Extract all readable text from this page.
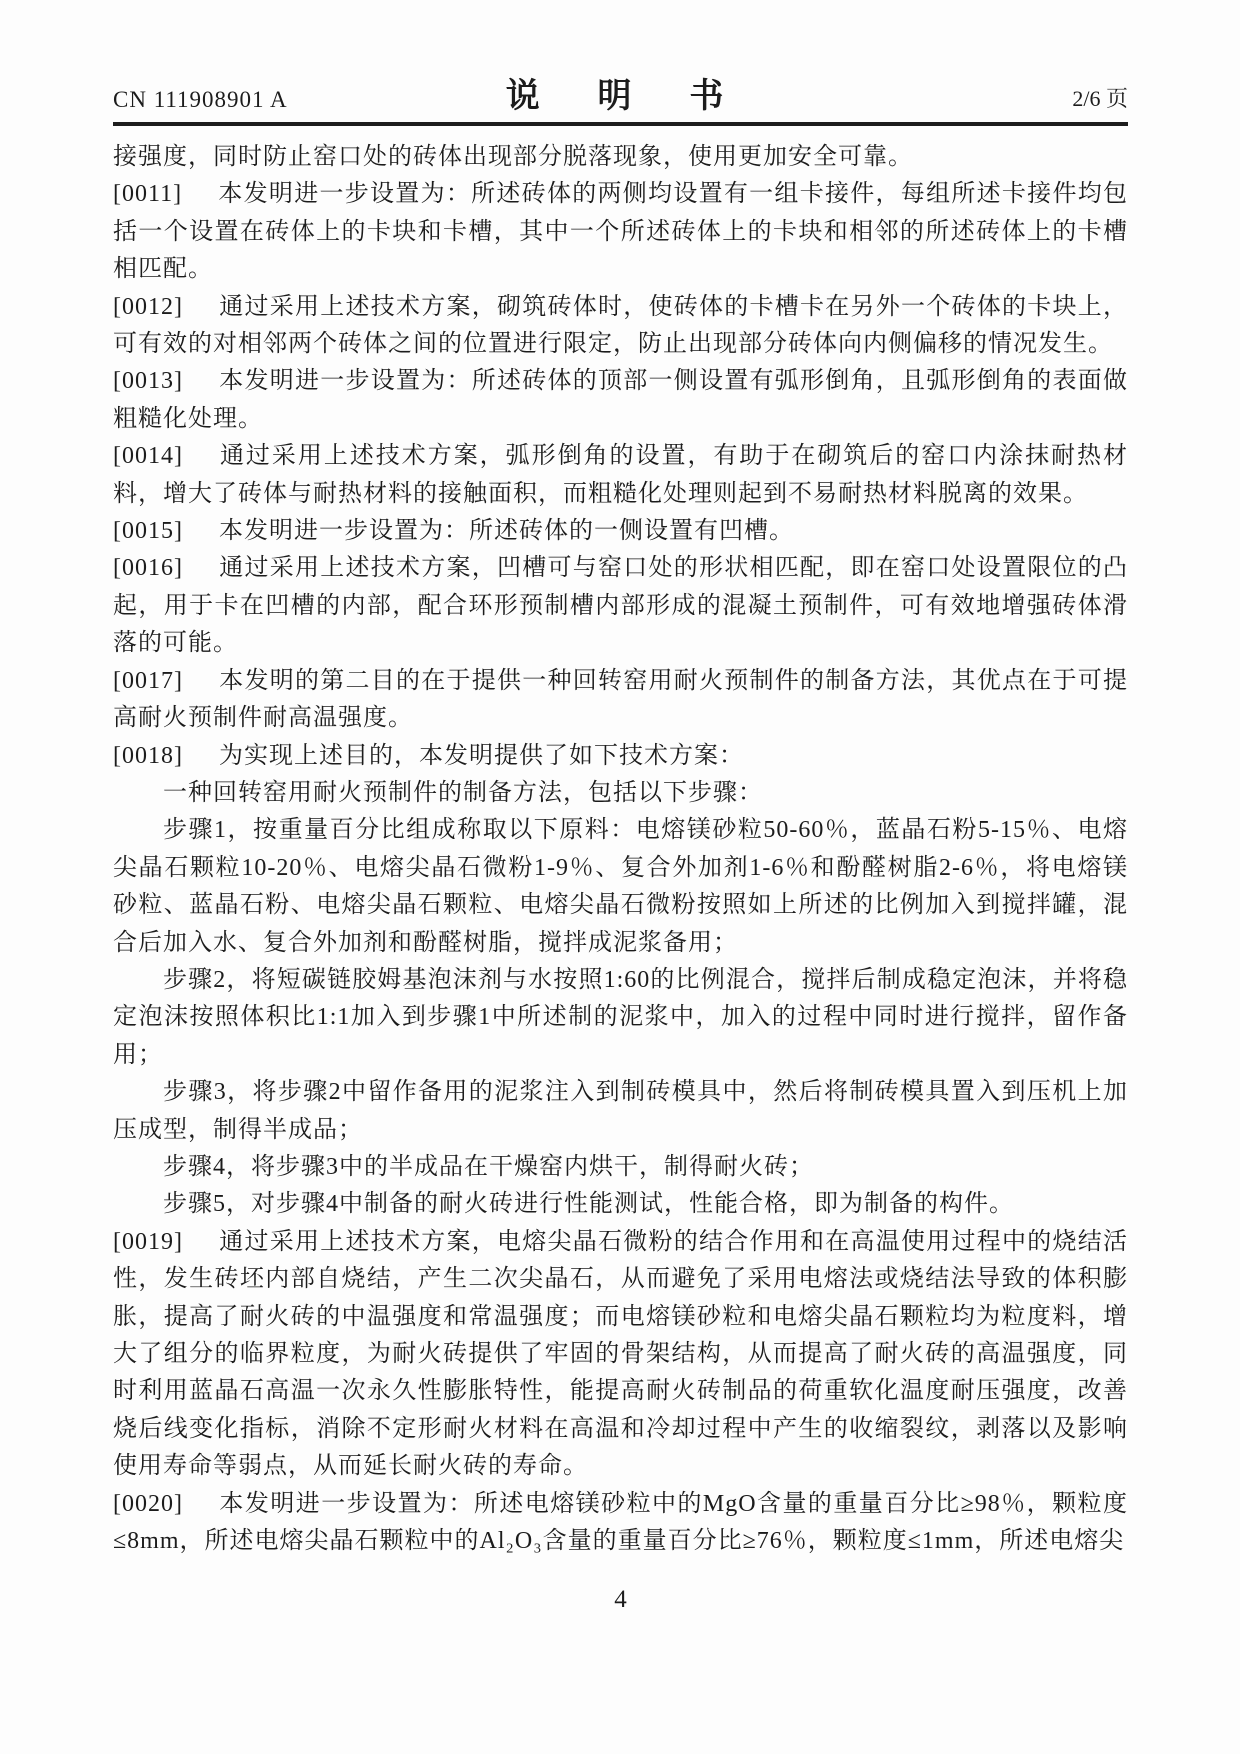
CN 111908901 A	说　明　书	2/6 页

接强度，同时防止窑口处的砖体出现部分脱落现象，使用更加安全可靠。

[0011] 本发明进一步设置为：所述砖体的两侧均设置有一组卡接件，每组所述卡接件均包括一个设置在砖体上的卡块和卡槽，其中一个所述砖体上的卡块和相邻的所述砖体上的卡槽相匹配。

[0012] 通过采用上述技术方案，砌筑砖体时，使砖体的卡槽卡在另外一个砖体的卡块上，可有效的对相邻两个砖体之间的位置进行限定，防止出现部分砖体向内侧偏移的情况发生。

[0013] 本发明进一步设置为：所述砖体的顶部一侧设置有弧形倒角，且弧形倒角的表面做粗糙化处理。

[0014] 通过采用上述技术方案，弧形倒角的设置，有助于在砌筑后的窑口内涂抹耐热材料，增大了砖体与耐热材料的接触面积，而粗糙化处理则起到不易耐热材料脱离的效果。

[0015] 本发明进一步设置为：所述砖体的一侧设置有凹槽。

[0016] 通过采用上述技术方案，凹槽可与窑口处的形状相匹配，即在窑口处设置限位的凸起，用于卡在凹槽的内部，配合环形预制槽内部形成的混凝土预制件，可有效地增强砖体滑落的可能。

[0017] 本发明的第二目的在于提供一种回转窑用耐火预制件的制备方法，其优点在于可提高耐火预制件耐高温强度。

[0018] 为实现上述目的，本发明提供了如下技术方案：

一种回转窑用耐火预制件的制备方法，包括以下步骤：

步骤1，按重量百分比组成称取以下原料：电熔镁砂粒50-60％，蓝晶石粉5-15％、电熔尖晶石颗粒10-20％、电熔尖晶石微粉1-9％、复合外加剂1-6％和酚醛树脂2-6％，将电熔镁砂粒、蓝晶石粉、电熔尖晶石颗粒、电熔尖晶石微粉按照如上所述的比例加入到搅拌罐，混合后加入水、复合外加剂和酚醛树脂，搅拌成泥浆备用；

步骤2，将短碳链胶姆基泡沫剂与水按照1:60的比例混合，搅拌后制成稳定泡沫，并将稳定泡沫按照体积比1:1加入到步骤1中所述制的泥浆中，加入的过程中同时进行搅拌，留作备用；

步骤3，将步骤2中留作备用的泥浆注入到制砖模具中，然后将制砖模具置入到压机上加压成型，制得半成品；

步骤4，将步骤3中的半成品在干燥窑内烘干，制得耐火砖；

步骤5，对步骤4中制备的耐火砖进行性能测试，性能合格，即为制备的构件。

[0019] 通过采用上述技术方案，电熔尖晶石微粉的结合作用和在高温使用过程中的烧结活性，发生砖坯内部自烧结，产生二次尖晶石，从而避免了采用电熔法或烧结法导致的体积膨胀，提高了耐火砖的中温强度和常温强度；而电熔镁砂粒和电熔尖晶石颗粒均为粒度料，增大了组分的临界粒度，为耐火砖提供了牢固的骨架结构，从而提高了耐火砖的高温强度，同时利用蓝晶石高温一次永久性膨胀特性，能提高耐火砖制品的荷重软化温度耐压强度，改善烧后线变化指标，消除不定形耐火材料在高温和冷却过程中产生的收缩裂纹，剥落以及影响使用寿命等弱点，从而延长耐火砖的寿命。

[0020] 本发明进一步设置为：所述电熔镁砂粒中的MgO含量的重量百分比≥98％，颗粒度≤8mm，所述电熔尖晶石颗粒中的Al₂O₃含量的重量百分比≥76％，颗粒度≤1mm，所述电熔尖

4
